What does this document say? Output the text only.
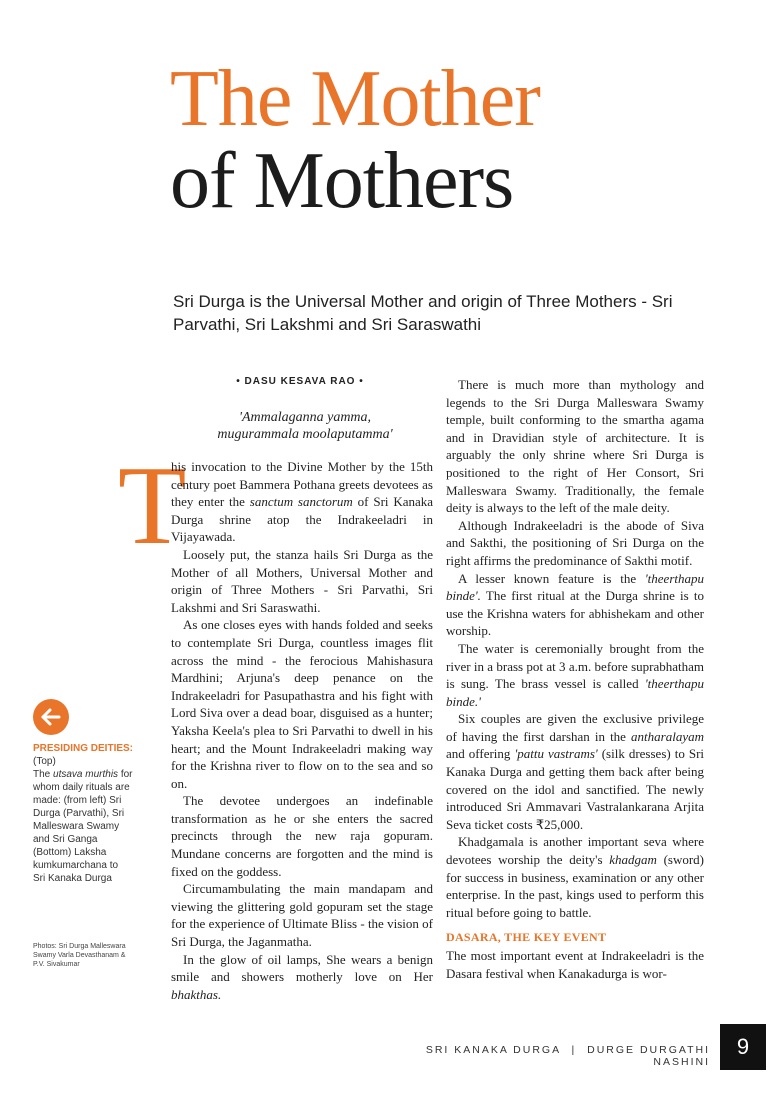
The Mother
of Mothers
Sri Durga is the Universal Mother and origin of Three Mothers - Sri Parvathi, Sri Lakshmi and Sri Saraswathi
• DASU KESAVA RAO •
'Ammalaganna yamma,
mugurammala moolaputamma'
T

his invocation to the Divine Mother by the 15th century poet Bammera Pothana greets devotees as they enter the sanctum sanctorum of Sri Kanaka Durga shrine atop the Indrakeeladri in Vijayawada.

Loosely put, the stanza hails Sri Durga as the Mother of all Mothers, Universal Mother and origin of Three Mothers - Sri Parvathi, Sri Lakshmi and Sri Saraswathi.

As one closes eyes with hands folded and seeks to contemplate Sri Durga, countless images flit across the mind - the ferocious Mahishasura Mardhini; Arjuna's deep penance on the Indrakeeladri for Pasupathastra and his fight with Lord Siva over a dead boar, disguised as a hunter; Yaksha Keela's plea to Sri Parvathi to dwell in his heart; and the Mount Indrakeeladri making way for the Krishna river to flow on to the sea and so on.

The devotee undergoes an indefinable transformation as he or she enters the sacred precincts through the new raja gopuram. Mundane concerns are forgotten and the mind is fixed on the goddess.

Circumambulating the main mandapam and viewing the glittering gold gopuram set the stage for the experience of Ultimate Bliss - the vision of Sri Durga, the Jaganmatha.

In the glow of oil lamps, She wears a benign smile and showers motherly love on Her bhakthas.

There is much more than mythology and legends to the Sri Durga Malleswara Swamy temple, built conforming to the smartha agama and in Dravidian style of architecture. It is arguably the only shrine where Sri Durga is positioned to the right of Her Consort, Sri Malleswara Swamy. Traditionally, the female deity is always to the left of the male deity.

Although Indrakeeladri is the abode of Siva and Sakthi, the positioning of Sri Durga on the right affirms the predominance of Sakthi motif.

A lesser known feature is the 'theerthapu binde'. The first ritual at the Durga shrine is to use the Krishna waters for abhishekam and other worship.

The water is ceremonially brought from the river in a brass pot at 3 a.m. before suprabhatham is sung. The brass vessel is called 'theerthapu binde.'

Six couples are given the exclusive privilege of having the first darshan in the antharalayam and offering 'pattu vastrams' (silk dresses) to Sri Kanaka Durga and getting them back after being covered on the idol and sanctified. The newly introduced Sri Ammavari Vastralankarana Arjita Seva ticket costs ₹25,000.

Khadgamala is another important seva where devotees worship the deity's khadgam (sword) for success in business, examination or any other enterprise. In the past, kings used to perform this ritual before going to battle.

DASARA, THE KEY EVENT

The most important event at Indrakeeladri is the Dasara festival when Kanakadurga is wor-

PRESIDING DEITIES: (Top)
The utsava murthis for whom daily rituals are made: (from left) Sri Durga (Parvathi), Sri Malleswara Swamy and Sri Ganga (Bottom) Laksha kumkumarchana to Sri Kanaka Durga
Photos: Sri Durga Malleswara Swamy Varla Devasthanam & P.V. Sivakumar
SRI KANAKA DURGA | DURGE DURGATHI NASHINI
9
